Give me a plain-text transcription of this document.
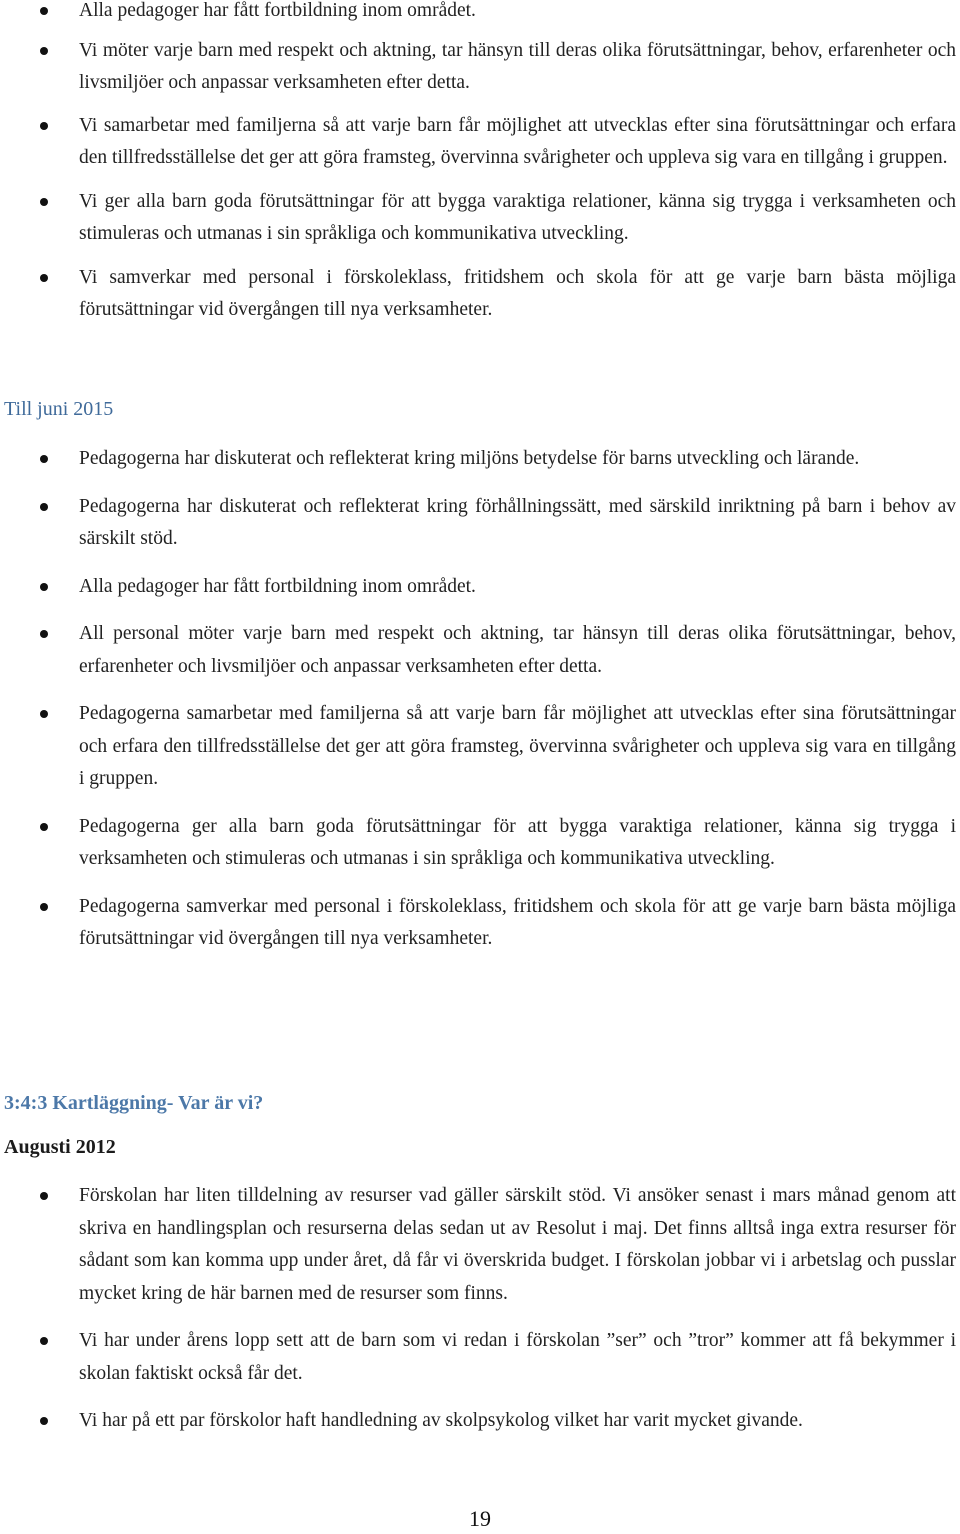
Alla pedagoger har fått fortbildning inom området.
Vi möter varje barn med respekt och aktning, tar hänsyn till deras olika förutsättningar, behov, erfarenheter och livsmiljöer och anpassar verksamheten efter detta.
Vi samarbetar med familjerna så att varje barn får möjlighet att utvecklas efter sina förutsättningar och erfara den tillfredsställelse det ger att göra framsteg, övervinna svårigheter och uppleva sig vara en tillgång i gruppen.
Vi ger alla barn goda förutsättningar för att bygga varaktiga relationer, känna sig trygga i verksamheten och stimuleras och utmanas i sin språkliga och kommunikativa utveckling.
Vi samverkar med personal i förskoleklass, fritidshem och skola för att ge varje barn bästa möjliga förutsättningar vid övergången till nya verksamheter.
Till juni 2015
Pedagogerna har diskuterat och reflekterat kring miljöns betydelse för barns utveckling och lärande.
Pedagogerna har diskuterat och reflekterat kring förhållningssätt, med särskild inriktning på barn i behov av särskilt stöd.
Alla pedagoger har fått fortbildning inom området.
All personal möter varje barn med respekt och aktning, tar hänsyn till deras olika förutsättningar, behov, erfarenheter och livsmiljöer och anpassar verksamheten efter detta.
Pedagogerna samarbetar med familjerna så att varje barn får möjlighet att utvecklas efter sina förutsättningar och erfara den tillfredsställelse det ger att göra framsteg, övervinna svårigheter och uppleva sig vara en tillgång i gruppen.
Pedagogerna ger alla barn goda förutsättningar för att bygga varaktiga relationer, känna sig trygga i verksamheten och stimuleras och utmanas i sin språkliga och kommunikativa utveckling.
Pedagogerna samverkar med personal i förskoleklass, fritidshem och skola för att ge varje barn bästa möjliga förutsättningar vid övergången till nya verksamheter.
3:4:3 Kartläggning- Var är vi?
Augusti 2012
Förskolan har liten tilldelning av resurser vad gäller särskilt stöd. Vi ansöker senast i mars månad genom att skriva en handlingsplan och resurserna delas sedan ut av Resolut i maj. Det finns alltså inga extra resurser för sådant som kan komma upp under året, då får vi överskrida budget. I förskolan jobbar vi i arbetslag och pusslar mycket kring de här barnen med de resurser som finns.
Vi har under årens lopp sett att de barn som vi redan i förskolan ”ser” och ”tror” kommer att få bekymmer i skolan faktiskt också får det.
Vi har på ett par förskolor haft handledning av skolpsykolog vilket har varit mycket givande.
19
